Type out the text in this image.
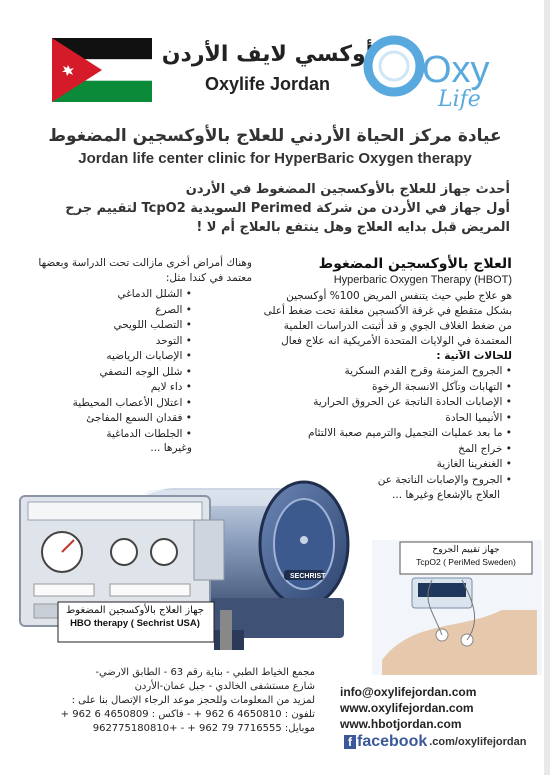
أوكسي لايف الأردن
Oxylife Jordan	Oxy
Life
عيادة مركز الحياة الأردني للعلاج بالأوكسجين المضغوط
Jordan life center clinic for HyperBaric Oxygen therapy
أحدث جهاز للعلاج بالأوكسجين المضغوط في الأردن
أول جهاز في الأردن من شركة Perimed السويدية TcpO2 لتقييم جرح
المريض قبل بدايه العلاج وهل ينتفع بالعلاج أم لا !
العلاج بالأوكسجين المضغوط
Hyperbaric Oxygen Therapy (HBOT)
هو علاج طبي حيث يتنفس المريض 100% أوكسجين بشكل متقطع في غرفة الأكسجين مغلقة تحت ضغط أعلى من ضغط الغلاف الجوي و قد أثبتت الدراسات العلمية المعتمدة في الولايات المتحدة الأمريكية انه علاج فعال
للحالات الآتية :
• الجروح المزمنة وقرح القدم السكرية
• التهابات وتآكل الانسجة الرخوة
• الإصابات الحادة الناتجة عن الحروق الحرارية
• الأنيميا الحادة
• ما بعد عمليات التجميل والترميم صعبة الالتئام
• خراج المخ
• الغنغرينا الغازية
• الجروح والإصابات الناتجة عن
العلاج بالإشعاع وغيرها ...
وهناك أمراض أخرى مازالت تحت الدراسة وبعضها معتمد في كندا مثل:
• الشلل الدماغي
• الصرع
• التصلب اللويحي
• التوحد
• الإصابات الرياضيه
• شلل الوجه النصفي
• داء لايم
• اعتلال الأعصاب المحيطية
• فقدان السمع المفاجئ
• الجلطات الدماغية
وغيرها ...
SECHRIST
جهاز العلاج بالأوكسجين المضغوط
HBO therapy ( Sechrist USA)
جهاز تقييم الجروح
TcpO2 ( PeriMed Sweden)
مجمع الخياط الطبي - بناية رقم 63 - الطابق الارضي-
شارع مستشفى الخالدي - جبل عمان-الأردن
لمزيد من المعلومات وللحجز موعد الرجاء الإتصال بنا على :
تلفون : 4650810 6 962 + - فاكس : 4650809 6 962 +
موبايل: 7716555 79 962 + - +962775180810
info@oxylifejordan.com
www.oxylifejordan.com
www.hbotjordan.com
f facebook .com/oxylifejordan
